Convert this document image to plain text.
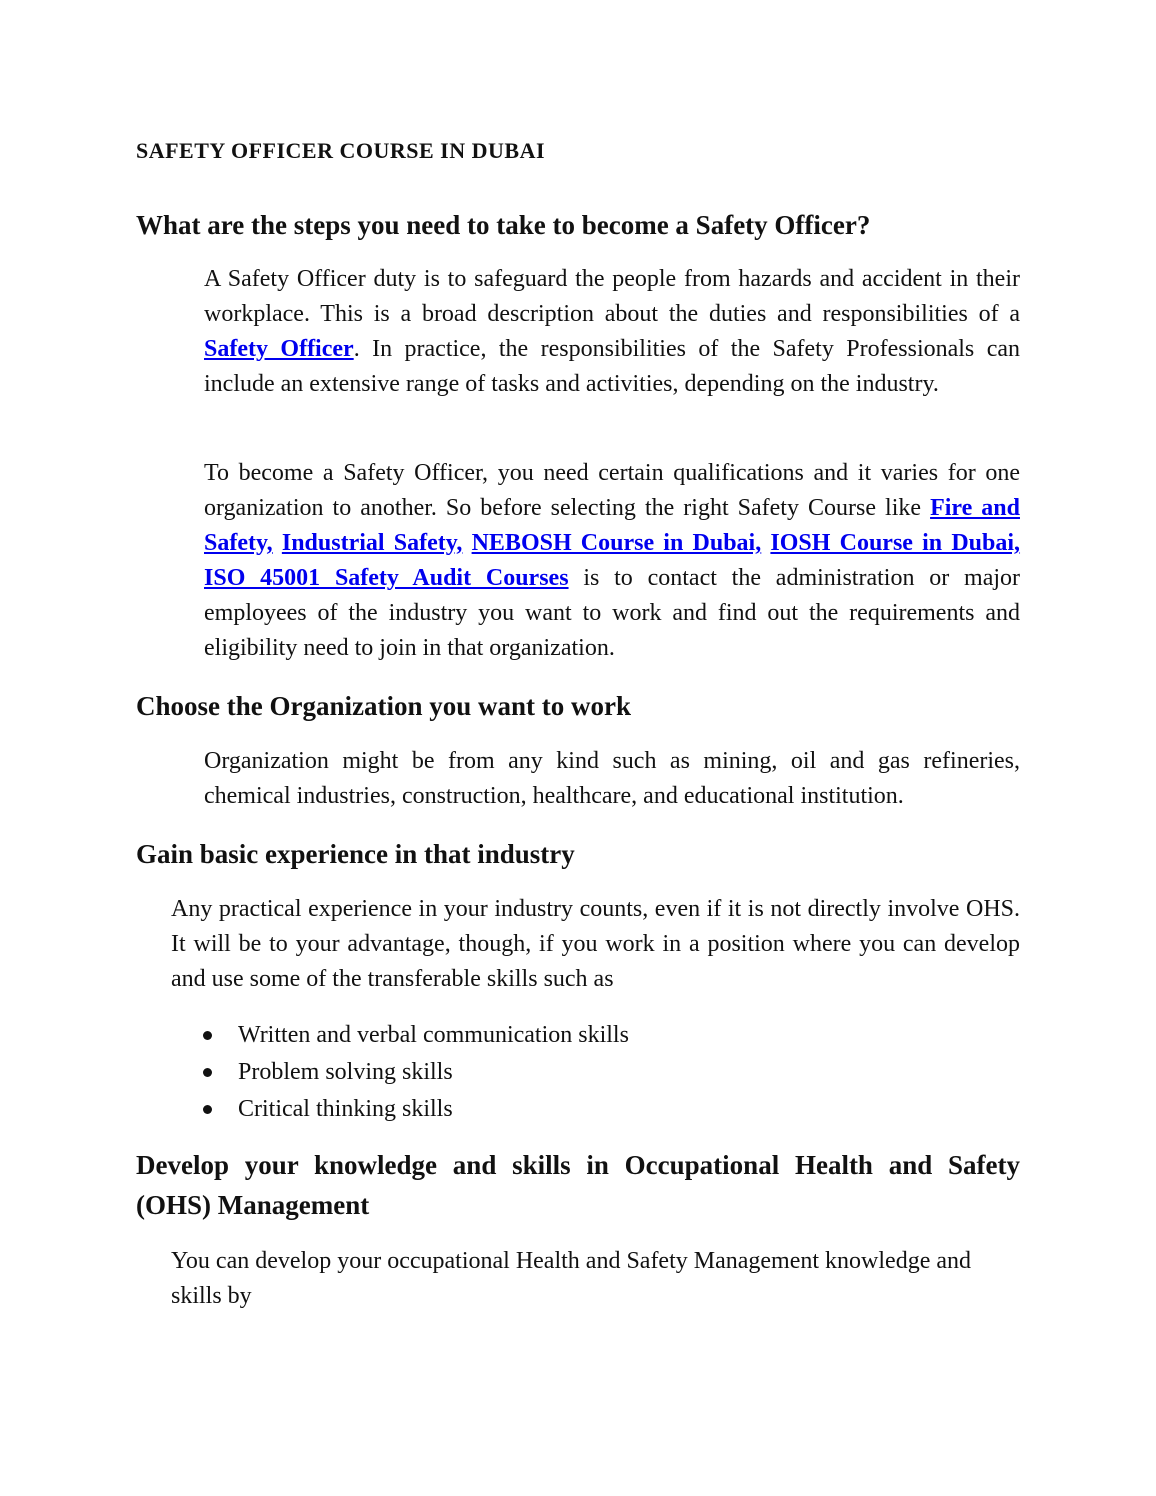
SAFETY OFFICER COURSE IN DUBAI
What are the steps you need to take to become a Safety Officer?

A Safety Officer duty is to safeguard the people from hazards and accident in their workplace. This is a broad description about the duties and responsibilities of a Safety Officer. In practice, the responsibilities of the Safety Professionals can include an extensive range of tasks and activities, depending on the industry.

To become a Safety Officer, you need certain qualifications and it varies for one organization to another. So before selecting the right Safety Course like Fire and Safety, Industrial Safety, NEBOSH Course in Dubai, IOSH Course in Dubai, ISO 45001 Safety Audit Courses is to contact the administration or major employees of the industry you want to work and find out the requirements and eligibility need to join in that organization.

Choose the Organization you want to work

Organization might be from any kind such as mining, oil and gas refineries, chemical industries, construction, healthcare, and educational institution.

Gain basic experience in that industry

Any practical experience in your industry counts, even if it is not directly involve OHS. It will be to your advantage, though, if you work in a position where you can develop and use some of the transferable skills such as

Written and verbal communication skills
Problem solving skills
Critical thinking skills
Develop your knowledge and skills in Occupational Health and Safety (OHS) Management

You can develop your occupational Health and Safety Management knowledge and skills by
